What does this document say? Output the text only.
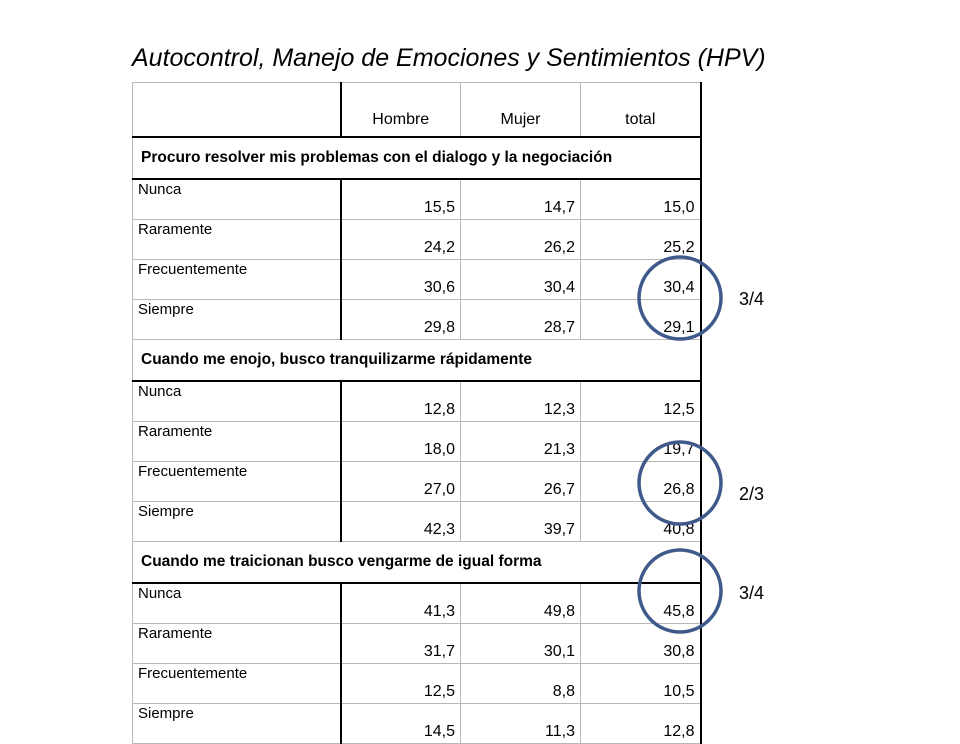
Autocontrol, Manejo de Emociones y Sentimientos (HPV)
	Hombre	Mujer	total
Procuro resolver mis problemas con el dialogo y la negociación			
Nunca	15,5	14,7	15,0
Raramente	24,2	26,2	25,2
Frecuentemente	30,6	30,4	30,4
Siempre	29,8	28,7	29,1
Cuando me enojo, busco tranquilizarme rápidamente			
Nunca	12,8	12,3	12,5
Raramente	18,0	21,3	19,7
Frecuentemente	27,0	26,7	26,8
Siempre	42,3	39,7	40,8
Cuando me traicionan busco vengarme de igual forma			
Nunca	41,3	49,8	45,8
Raramente	31,7	30,1	30,8
Frecuentemente	12,5	8,8	10,5
Siempre	14,5	11,3	12,8
3/4
2/3
3/4
